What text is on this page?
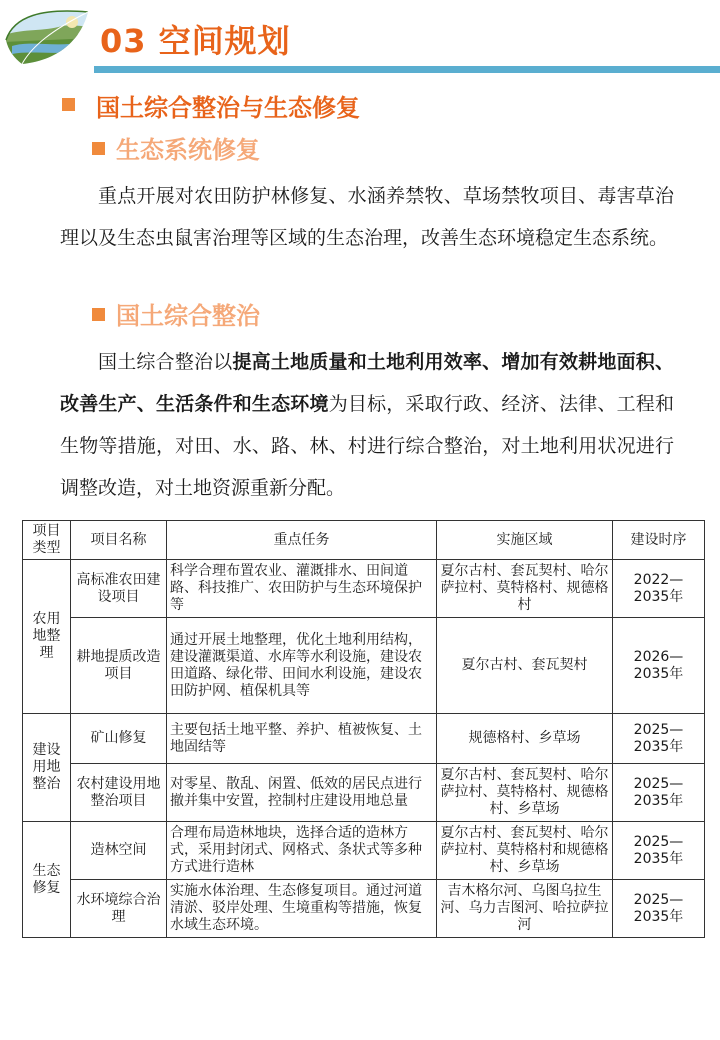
03 空间规划
国土综合整治与生态修复
生态系统修复
重点开展对农田防护林修复、水涵养禁牧、草场禁牧项目、毒害草治理以及生态虫鼠害治理等区域的生态治理，改善生态环境稳定生态系统。
国土综合整治
国土综合整治以提高土地质量和土地利用效率、增加有效耕地面积、改善生产、生活条件和生态环境为目标，采取行政、经济、法律、工程和生物等措施，对田、水、路、林、村进行综合整治，对土地利用状况进行调整改造，对土地资源重新分配。
项目类型	项目名称	重点任务	实施区域	建设时序
农用地整理	高标准农田建设项目	科学合理布置农业、灌溉排水、田间道路、科技推广、农田防护与生态环境保护等	夏尔古村、套瓦契村、哈尔萨拉村、莫特格村、规德格村	2022—2035年
	耕地提质改造项目	通过开展土地整理，优化土地利用结构，建设灌溉渠道、水库等水利设施，建设农田道路、绿化带、田间水利设施，建设农田防护网、植保机具等	夏尔古村、套瓦契村	2026—2035年
建设用地整治	矿山修复	主要包括土地平整、养护、植被恢复、土地固结等	规德格村、乡草场	2025—2035年
	农村建设用地整治项目	对零星、散乱、闲置、低效的居民点进行撤并集中安置，控制村庄建设用地总量	夏尔古村、套瓦契村、哈尔萨拉村、莫特格村、规德格村、乡草场	2025—2035年
生态修复	造林空间	合理布局造林地块，选择合适的造林方式，采用封闭式、网格式、条状式等多种方式进行造林	夏尔古村、套瓦契村、哈尔萨拉村、莫特格村和规德格村、乡草场	2025—2035年
	水环境综合治理	实施水体治理、生态修复项目。通过河道清淤、驳岸处理、生境重构等措施，恢复水域生态环境。	吉木格尔河、乌图乌拉生河、乌力吉图河、哈拉萨拉河	2025—2035年
